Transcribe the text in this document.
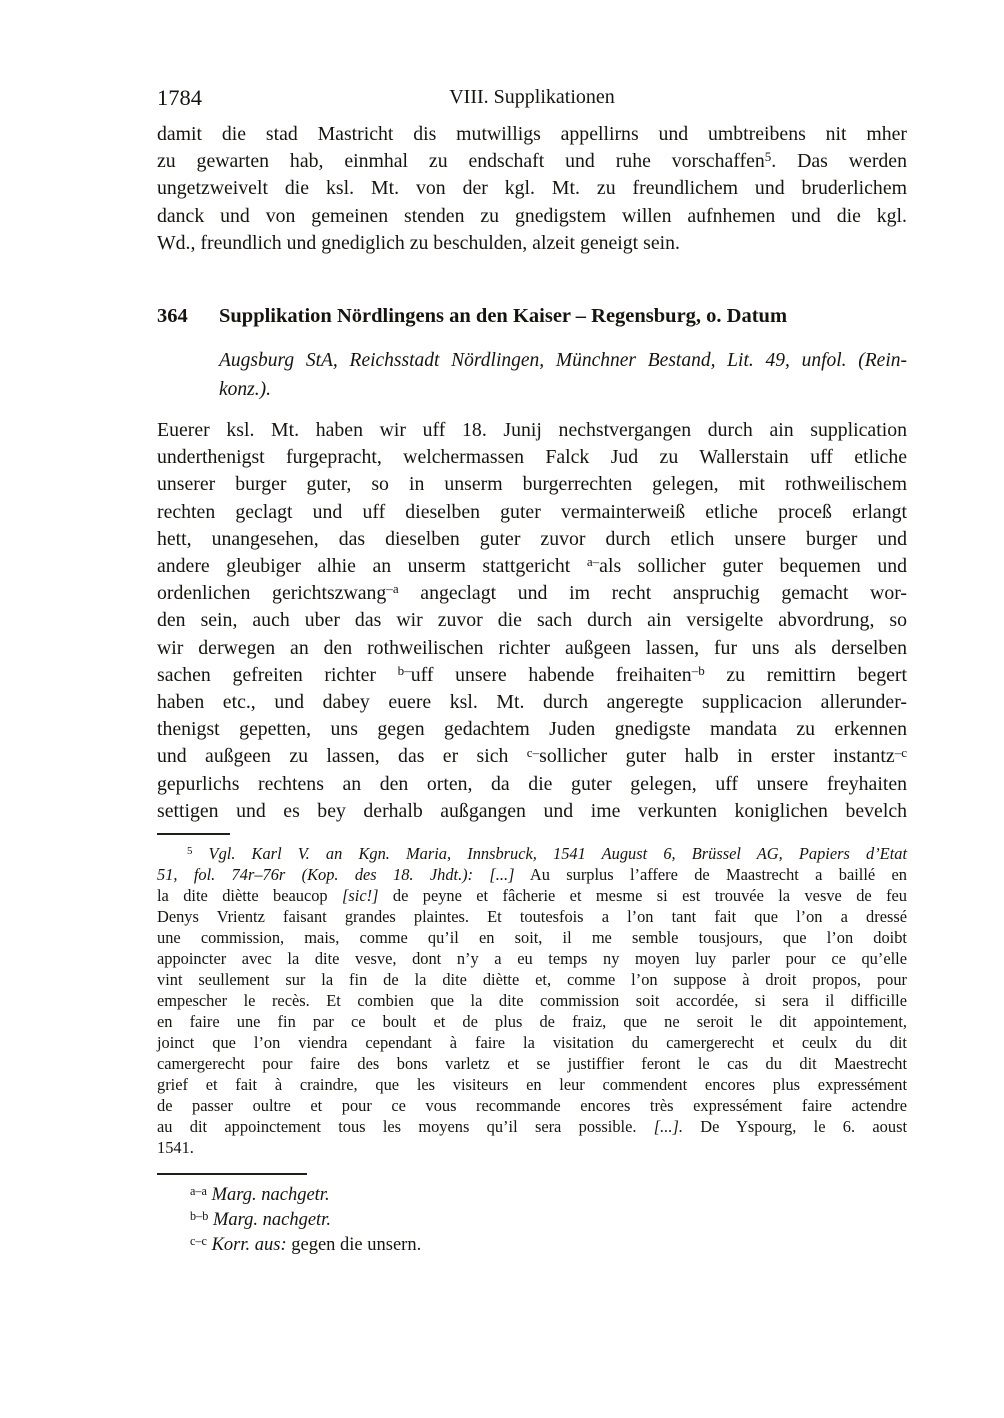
1784	VIII. Supplikationen
damit die stad Mastricht dis mutwilligs appellirns und umbtreibens nit mher
zu gewarten hab, einmhal zu endschaft und ruhe vorschaffen$^5$. Das werden
ungetzweivelt die ksl. Mt. von der kgl. Mt. zu freundlichem und bruderlichem
danck und von gemeinen stenden zu gnedigstem willen aufnhemen und die kgl.
Wd., freundlich und gnediglich zu beschulden, alzeit geneigt sein.
364	Supplikation Nördlingens an den Kaiser – Regensburg, o. Datum
Augsburg StA, Reichsstadt Nördlingen, Münchner Bestand, Lit. 49, unfol. (Rein-
konz.).
Euerer ksl. Mt. haben wir uff 18. Junij nechstvergangen durch ain supplication
underthenigst furgepracht, welchermassen Falck Jud zu Wallerstain uff etliche
unserer burger guter, so in unserm burgerrechten gelegen, mit rothweilischem
rechten geclagt und uff dieselben guter vermainterweiß etliche proceß erlangt
hett, unangesehen, das dieselben guter zuvor durch etlich unsere burger und
andere gleubiger alhie an unserm stattgericht $^{a-}$als sollicher guter bequemen und
ordenlichen gerichtszwang$^{-a}$ angeclagt und im recht anspruchig gemacht wor-
den sein, auch uber das wir zuvor die sach durch ain versigelte abvordrung, so
wir derwegen an den rothweilischen richter außgeen lassen, fur uns als derselben
sachen gefreiten richter $^{b-}$uff unsere habende freihaiten$^{-b}$ zu remittirn begert
haben etc., und dabey euere ksl. Mt. durch angeregte supplicacion allerunder-
thenigst gepetten, uns gegen gedachtem Juden gnedigste mandata zu erkennen
und außgeen zu lassen, das er sich $^{c-}$sollicher guter halb in erster instantz$^{-c}$
gepurlichs rechtens an den orten, da die guter gelegen, uff unsere freyhaiten
settigen und es bey derhalb außgangen und ime verkunten koniglichen bevelch
$^5$ Vgl. Karl V. an Kgn. Maria, Innsbruck, 1541 August 6, Brüssel AG, Papiers d’Etat
51, fol. 74r–76r (Kop. des 18. Jhdt.): [...] Au surplus l’affere de Maastrecht a baillé en
la dite diètte beaucop [sic!] de peyne et fâcherie et mesme si est trouvée la vesve de feu
Denys Vrientz faisant grandes plaintes. Et toutesfois a l’on tant fait que l’on a dressé
une commission, mais, comme qu’il en soit, il me semble tousjours, que l’on doibt
appoincter avec la dite vesve, dont n’y a eu temps ny moyen luy parler pour ce qu’elle
vint seullement sur la fin de la dite diètte et, comme l’on suppose à droit propos, pour
empescher le recès. Et combien que la dite commission soit accordée, si sera il difficille
en faire une fin par ce boult et de plus de fraiz, que ne seroit le dit appointement,
joinct que l’on viendra cependant à faire la visitation du camergerecht et ceulx du dit
camergerecht pour faire des bons varletz et se justiffier feront le cas du dit Maestrecht
grief et fait à craindre, que les visiteurs en leur commendent encores plus expressément
de passer oultre et pour ce vous recommande encores très expressément faire actendre
au dit appoinctement tous les moyens qu’il sera possible. [...]. De Yspourg, le 6. aoust
1541.
$^{a-a}$ Marg. nachgetr.
$^{b-b}$ Marg. nachgetr.
$^{c-c}$ Korr. aus: gegen die unsern.
